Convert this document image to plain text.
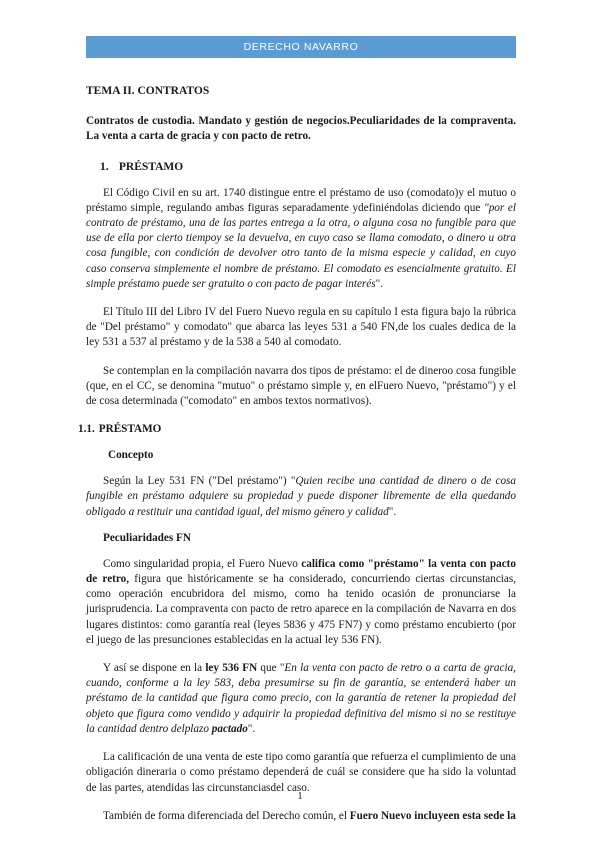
DERECHO NAVARRO

TEMA II. CONTRATOS

Contratos de custodia. Mandato y gestión de negocios.Peculiaridades de la compraventa. La venta a carta de gracia y con pacto de retro.

1. PRÉSTAMO

El Código Civil en su art. 1740 distingue entre el préstamo de uso (comodato)y el mutuo o préstamo simple, regulando ambas figuras separadamente ydefiniéndolas diciendo que "por el contrato de préstamo, una de las partes entrega a la otra, o alguna cosa no fungible para que use de ella por cierto tiempoy se la devuelva, en cuyo caso se llama comodato, o dinero u otra cosa fungible, con condición de devolver otro tanto de la misma especie y calidad, en cuyo caso conserva simplemente el nombre de préstamo. El comodato es esencialmente gratuito. El simple préstamo puede ser gratuito o con pacto de pagar interés".

El Título III del Libro IV del Fuero Nuevo regula en su capítulo I esta figura bajo la rúbrica de "Del préstamo" y comodato" que abarca las leyes 531 a 540 FN,de los cuales dedica de la ley 531 a 537 al préstamo y de la 538 a 540 al comodato.

Se contemplan en la compilación navarra dos tipos de préstamo: el de dineroo cosa fungible (que, en el CC, se denomina "mutuo" o préstamo simple y, en elFuero Nuevo, "préstamo") y el de cosa determinada ("comodato" en ambos textos normativos).

1.1. PRÉSTAMO
Concepto

Según la Ley 531 FN ("Del préstamo") "Quien recibe una cantidad de dinero o de cosa fungible en préstamo adquiere su propiedad y puede disponer libremente de ella quedando obligado a restituir una cantidad igual, del mismo género y calidad".

Peculiaridades FN

Como singularidad propia, el Fuero Nuevo califica como "préstamo" la venta con pacto de retro, figura que históricamente se ha considerado, concurriendo ciertas circunstancias, como operación encubridora del mismo, como ha tenido ocasión de pronunciarse la jurisprudencia. La compraventa con pacto de retro aparece en la compilación de Navarra en dos lugares distintos: como garantía real (leyes 5836 y 475 FN7) y como préstamo encubierto (por el juego de las presunciones establecidas en la actual ley 536 FN).

Y así se dispone en la ley 536 FN que "En la venta con pacto de retro o a carta de gracia, cuando, conforme a la ley 583, deba presumirse su fin de garantía, se entenderá haber un préstamo de la cantidad que figura como precio, con la garantía de retener la propiedad del objeto que figura como vendido y adquirir la propiedad definitiva del mismo si no se restituye la cantidad dentro delplazo pactado".

La calificación de una venta de este tipo como garantía que refuerza el cumplimiento de una obligación dineraria o como préstamo dependerá de cuál se considere que ha sido la voluntad de las partes, atendidas las circunstanciasdel caso.

También de forma diferenciada del Derecho común, el Fuero Nuevo incluyeen esta sede la

1
